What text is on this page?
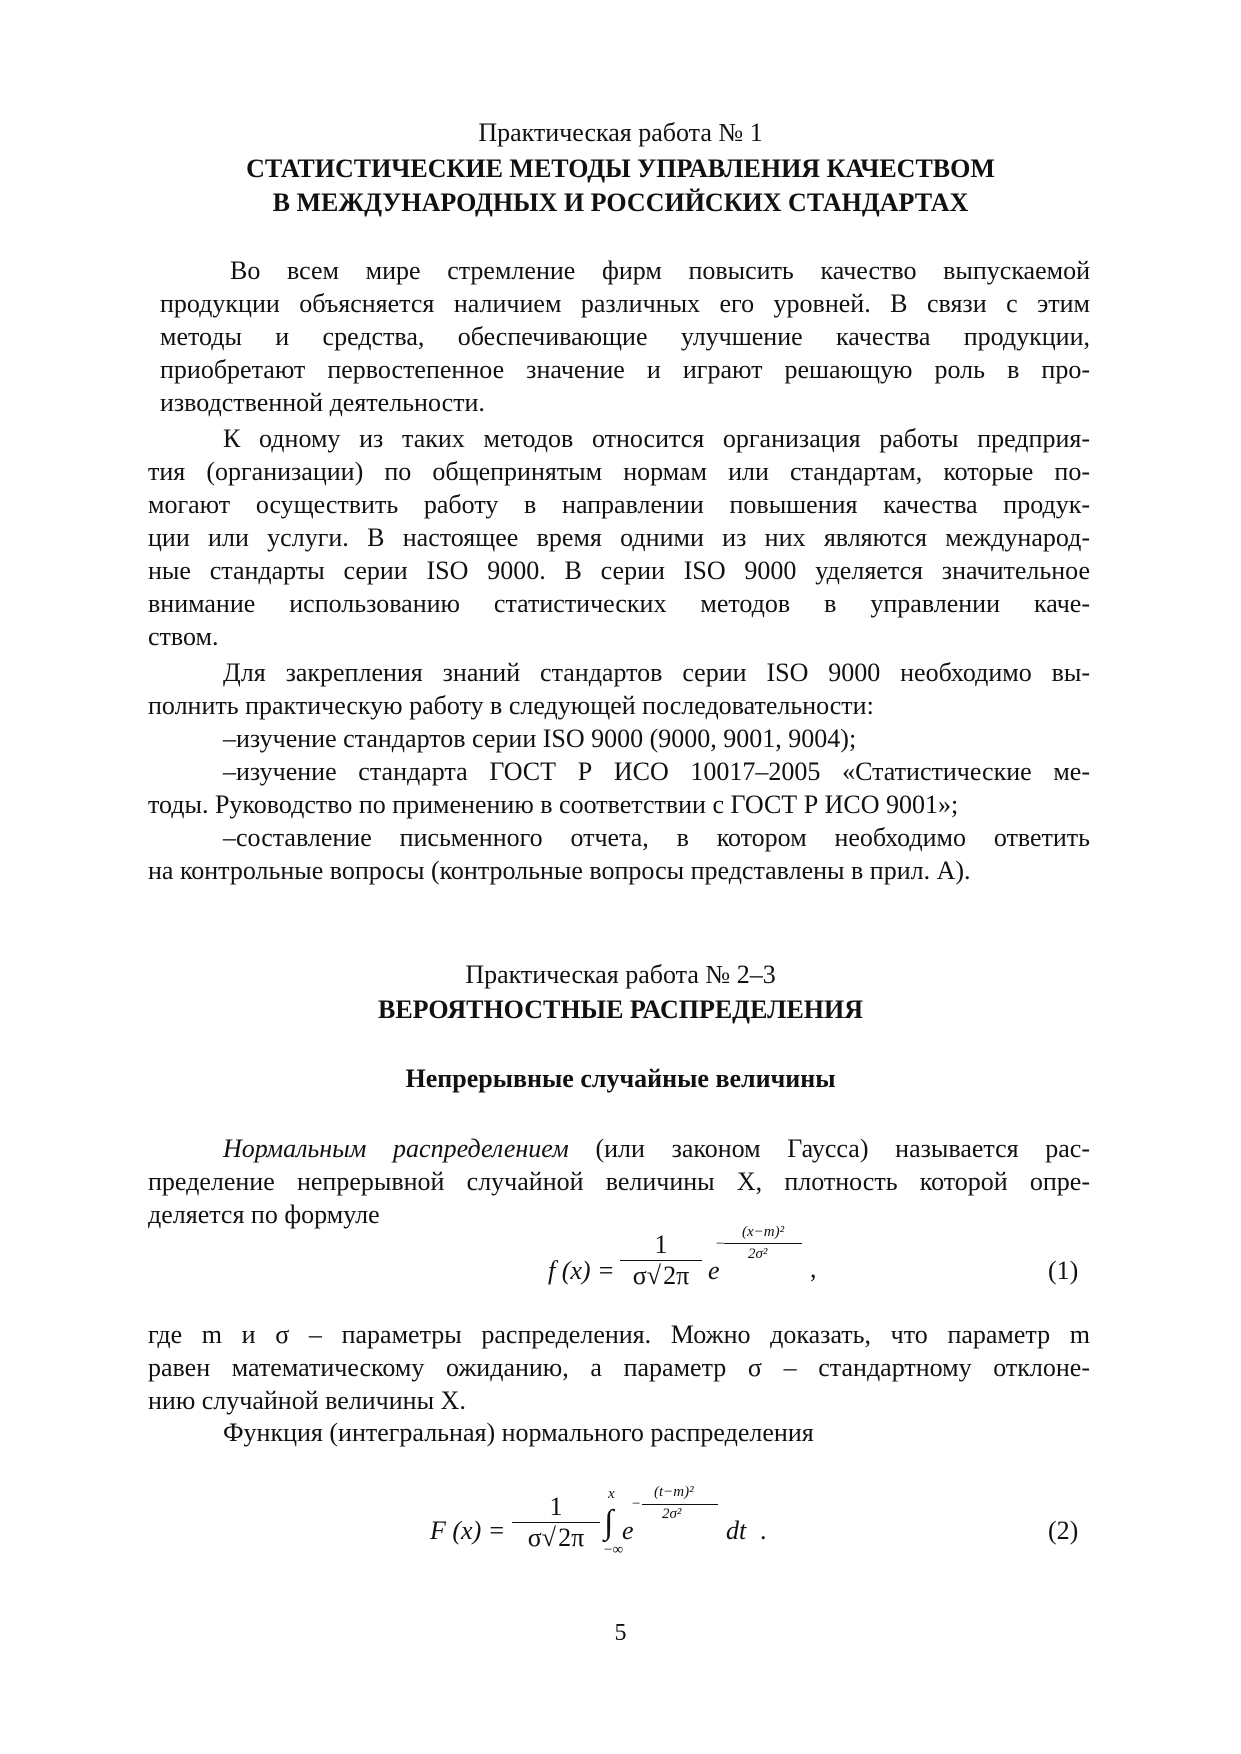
Практическая работа № 1
СТАТИСТИЧЕСКИЕ МЕТОДЫ УПРАВЛЕНИЯ КАЧЕСТВОМ
В МЕЖДУНАРОДНЫХ И РОССИЙСКИХ СТАНДАРТАХ
Во всем мире стремление фирм повысить качество выпускаемой
продукции объясняется наличием различных его уровней. В связи с этим
методы и средства, обеспечивающие улучшение качества продукции,
приобретают первостепенное значение и играют решающую роль в про-
изводственной деятельности.
К одному из таких методов относится организация работы предприя-
тия (организации) по общепринятым нормам или стандартам, которые по-
могают осуществить работу в направлении повышения качества продук-
ции или услуги. В настоящее время одними из них являются международ-
ные стандарты серии ISO 9000. В серии ISO 9000 уделяется значительное
внимание использованию статистических методов в управлении каче-
ством.
Для закрепления знаний стандартов серии ISO 9000 необходимо вы-
полнить практическую работу в следующей последовательности:
–изучение стандартов серии ISO 9000 (9000, 9001, 9004);
–изучение стандарта ГОСТ Р ИСО 10017–2005 «Статистические ме-
тоды. Руководство по применению в соответствии с ГОСТ Р ИСО 9001»;
–составление письменного отчета, в котором необходимо ответить
на контрольные вопросы (контрольные вопросы представлены в прил. А).
Практическая работа № 2–3
ВЕРОЯТНОСТНЫЕ РАСПРЕДЕЛЕНИЯ
Непрерывные случайные величины
Нормальным распределением (или законом Гаусса) называется рас-
пределение непрерывной случайной величины X, плотность которой опре-
деляется по формуле
f $(x) = \frac{1}{\sigma√2\pi}$ e
(x−m)²
−
2σ² ,	(1)
где m и σ – параметры распределения. Можно доказать, что параметр m
равен математическому ожиданию, а параметр σ – стандартному отклоне-
нию случайной величины X.
Функция (интегральная) нормального распределения
F $(x) = \frac{1}{\sigma√2\pi}$ x
∫
−∞
e
−
(t−m)²
2σ²
dt .	(2)
5
